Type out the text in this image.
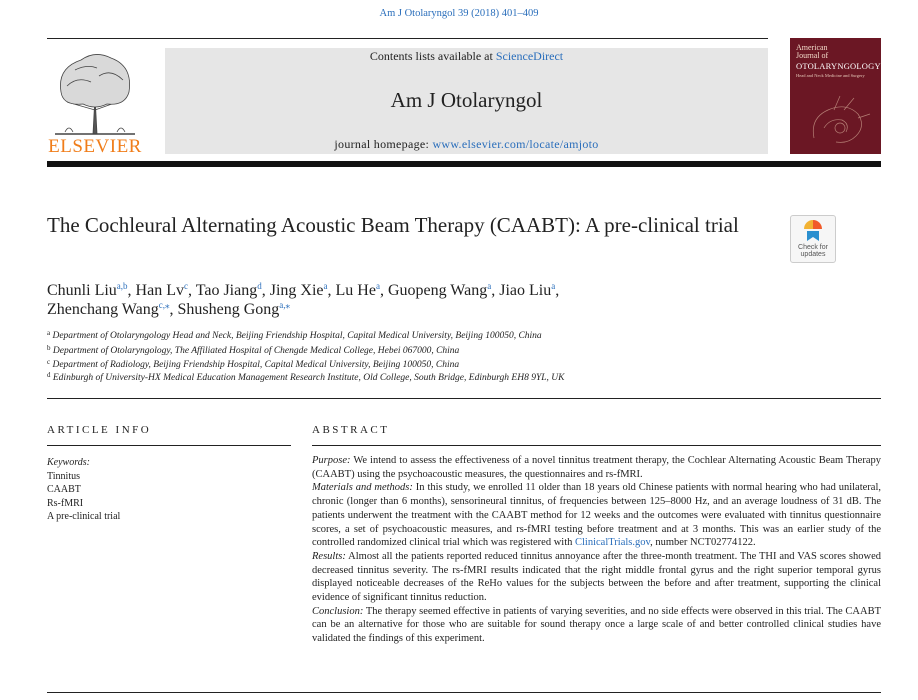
Am J Otolaryngol 39 (2018) 401–409
ELSEVIER
Contents lists available at ScienceDirect
Am J Otolaryngol
journal homepage: www.elsevier.com/locate/amjoto
American
Journal of
OTOLARYNGOLOGY
Head and Neck Medicine and Surgery
The Cochleural Alternating Acoustic Beam Therapy (CAABT): A pre-clinical trial
Check for
updates
Chunli Liu$^{a,b}$, Han Lv$^c$, Tao Jiang$^d$, Jing Xie$^a$, Lu He$^a$, Guopeng Wang$^a$, Jiao Liu$^a$,
Zhenchang Wang$^{c,⁎}$, Shusheng Gong$^{a,⁎}$
$^a$ Department of Otolaryngology Head and Neck, Beijing Friendship Hospital, Capital Medical University, Beijing 100050, China
$^b$ Department of Otolaryngology, The Affiliated Hospital of Chengde Medical College, Hebei 067000, China
$^c$ Department of Radiology, Beijing Friendship Hospital, Capital Medical University, Beijing 100050, China
$^d$ Edinburgh of University-HX Medical Education Management Research Institute, Old College, South Bridge, Edinburgh EH8 9YL, UK
ARTICLE INFO	ABSTRACT
Keywords:
Tinnitus
CAABT
Rs-fMRI
A pre-clinical trial

Purpose: We intend to assess the effectiveness of a novel tinnitus treatment therapy, the Cochlear Alternating Acoustic Beam Therapy (CAABT) using the psychoacoustic measures, the questionnaires and rs-fMRI.

Materials and methods: In this study, we enrolled 11 older than 18 years old Chinese patients with normal hearing who had unilateral, chronic (longer than 6 months), sensorineural tinnitus, of frequencies between 125–8000 Hz, and an average loudness of 31 dB. The patients underwent the treatment with the CAABT method for 12 weeks and the outcomes were evaluated with tinnitus questionnaire scores, a set of psychoacoustic measures, and rs-fMRI testing before treatment and at 3 months. This was an earlier study of the controlled randomized clinical trial which was registered with ClinicalTrials.gov, number NCT02774122.

Results: Almost all the patients reported reduced tinnitus annoyance after the three-month treatment. The THI and VAS scores showed decreased tinnitus severity. The rs-fMRI results indicated that the right middle frontal gyrus and the right superior temporal gyrus displayed noticeable decreases of the ReHo values for the subjects between the before and after treatment, supporting the clinical evidence of significant tinnitus reduction.

Conclusion: The therapy seemed effective in patients of varying severities, and no side effects were observed in this trial. The CAABT can be an alternative for those who are suitable for sound therapy once a large scale of and better controlled clinical studies have validated the findings of this experiment.
